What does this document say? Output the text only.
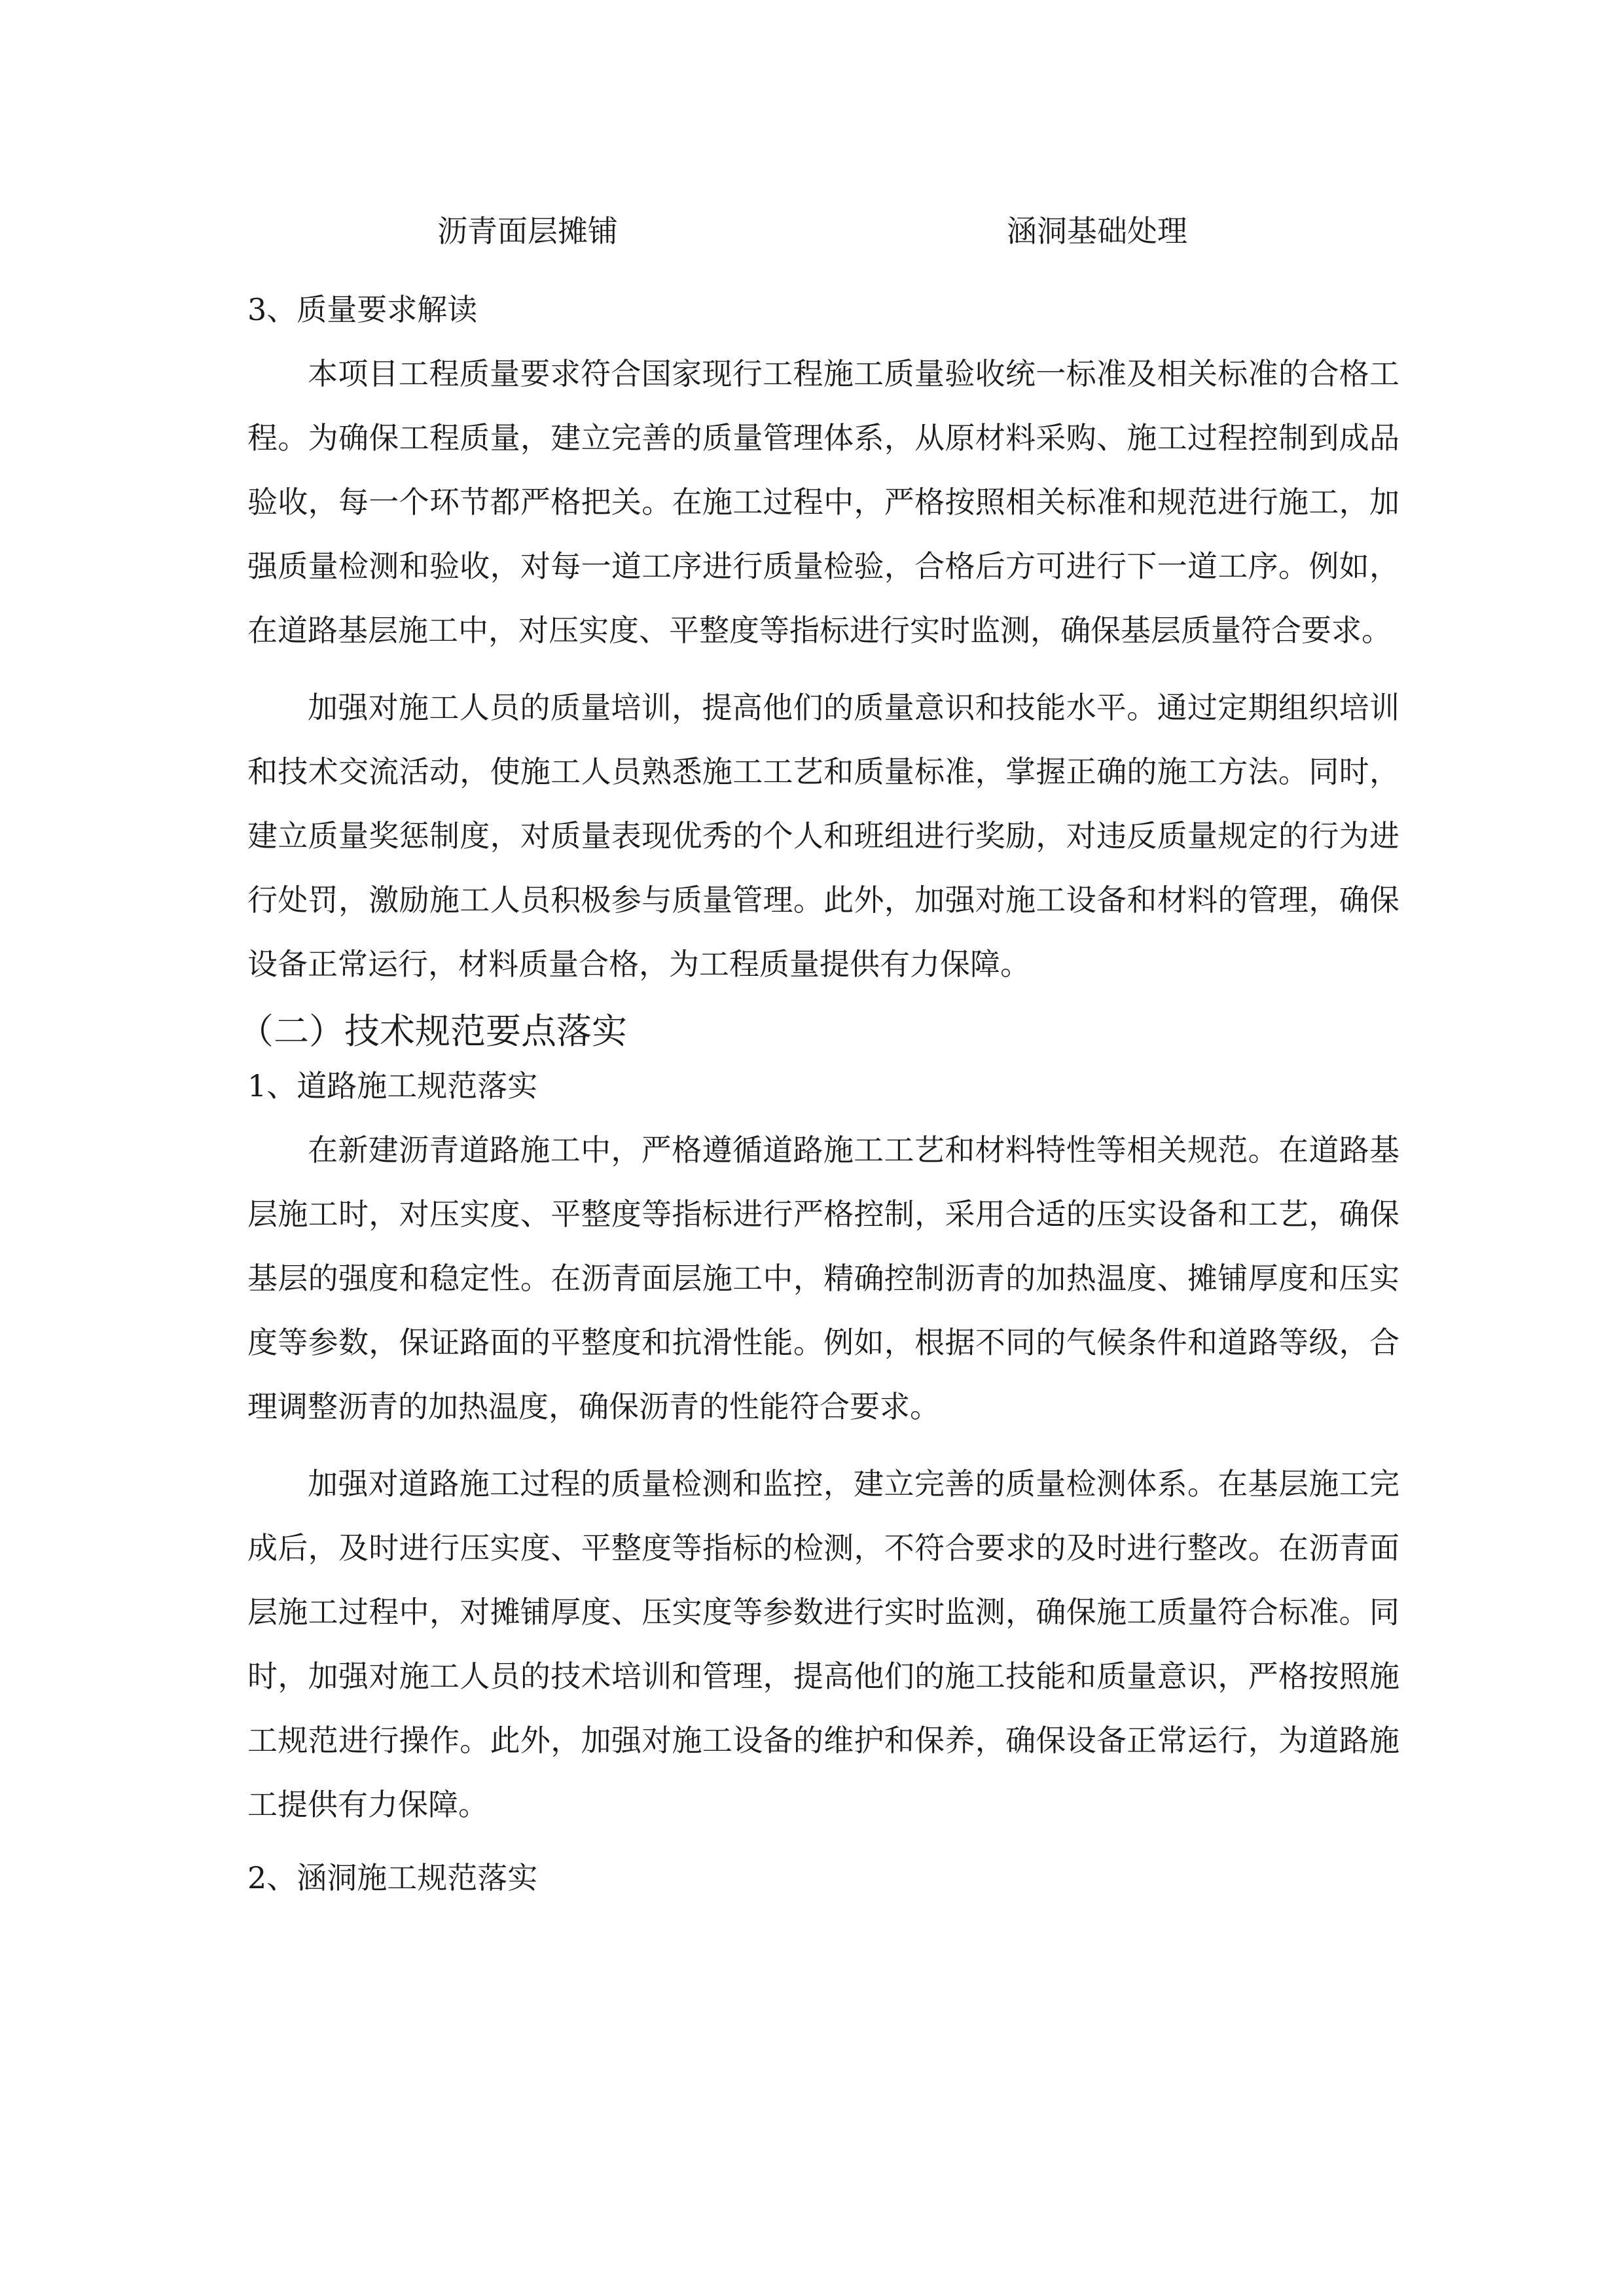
沥青面层摊铺	涵洞基础处理
3、质量要求解读

本项目工程质量要求符合国家现行工程施工质量验收统一标准及相关标准的合格工程。为确保工程质量，建立完善的质量管理体系，从原材料采购、施工过程控制到成品验收，每一个环节都严格把关。在施工过程中，严格按照相关标准和规范进行施工，加强质量检测和验收，对每一道工序进行质量检验，合格后方可进行下一道工序。例如，在道路基层施工中，对压实度、平整度等指标进行实时监测，确保基层质量符合要求。

加强对施工人员的质量培训，提高他们的质量意识和技能水平。通过定期组织培训和技术交流活动，使施工人员熟悉施工工艺和质量标准，掌握正确的施工方法。同时，建立质量奖惩制度，对质量表现优秀的个人和班组进行奖励，对违反质量规定的行为进行处罚，激励施工人员积极参与质量管理。此外，加强对施工设备和材料的管理，确保设备正常运行，材料质量合格，为工程质量提供有力保障。

（二）技术规范要点落实
1、道路施工规范落实

在新建沥青道路施工中，严格遵循道路施工工艺和材料特性等相关规范。在道路基层施工时，对压实度、平整度等指标进行严格控制，采用合适的压实设备和工艺，确保基层的强度和稳定性。在沥青面层施工中，精确控制沥青的加热温度、摊铺厚度和压实度等参数，保证路面的平整度和抗滑性能。例如，根据不同的气候条件和道路等级，合理调整沥青的加热温度，确保沥青的性能符合要求。

加强对道路施工过程的质量检测和监控，建立完善的质量检测体系。在基层施工完成后，及时进行压实度、平整度等指标的检测，不符合要求的及时进行整改。在沥青面层施工过程中，对摊铺厚度、压实度等参数进行实时监测，确保施工质量符合标准。同时，加强对施工人员的技术培训和管理，提高他们的施工技能和质量意识，严格按照施工规范进行操作。此外，加强对施工设备的维护和保养，确保设备正常运行，为道路施工提供有力保障。

2、涵洞施工规范落实
